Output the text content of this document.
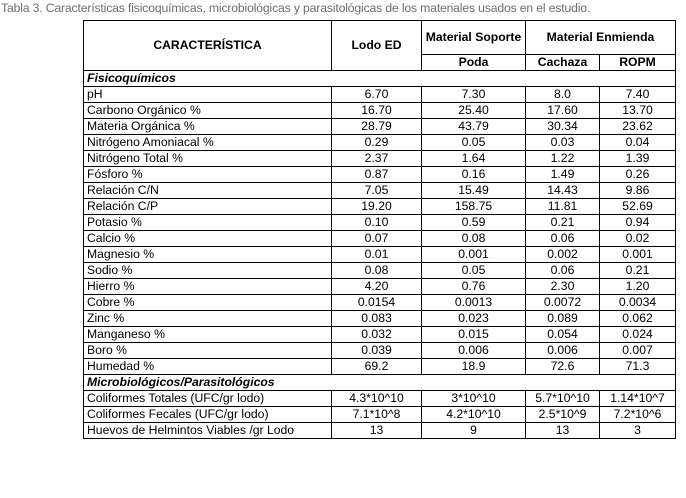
Tabla 3. Características fisicoquímicas, microbiológicas y parasitológicas de los materiales usados en el estudio.
CARACTERÍSTICA	Lodo ED	Material Soporte	Material Enmienda	
		Poda	Cachaza	ROPM
Fisicoquímicos				
pH	6.70	7.30	8.0	7.40
Carbono Orgánico %	16.70	25.40	17.60	13.70
Materia Orgánica %	28.79	43.79	30.34	23.62
Nitrógeno Amoniacal %	0.29	0.05	0.03	0.04
Nitrógeno Total %	2.37	1.64	1.22	1.39
Fósforo %	0.87	0.16	1.49	0.26
Relación C/N	7.05	15.49	14.43	9.86
Relación C/P	19.20	158.75	11.81	52.69
Potasio %	0.10	0.59	0.21	0.94
Calcio %	0.07	0.08	0.06	0.02
Magnesio %	0.01	0.001	0.002	0.001
Sodio %	0.08	0.05	0.06	0.21
Hierro %	4.20	0.76	2.30	1.20
Cobre %	0.0154	0.0013	0.0072	0.0034
Zinc %	0.083	0.023	0.089	0.062
Manganeso %	0.032	0.015	0.054	0.024
Boro %	0.039	0.006	0.006	0.007
Humedad %	69.2	18.9	72.6	71.3
Microbiológicos/Parasitológicos				
Coliformes Totales (UFC/gr lodo)	4.3*10^10	3*10^10	5.7*10^10	1.14*10^7
Coliformes Fecales (UFC/gr lodo)	7.1*10^8	4.2*10^10	2.5*10^9	7.2*10^6
Huevos de Helmintos Viables /gr Lodo	13	9	13	3
